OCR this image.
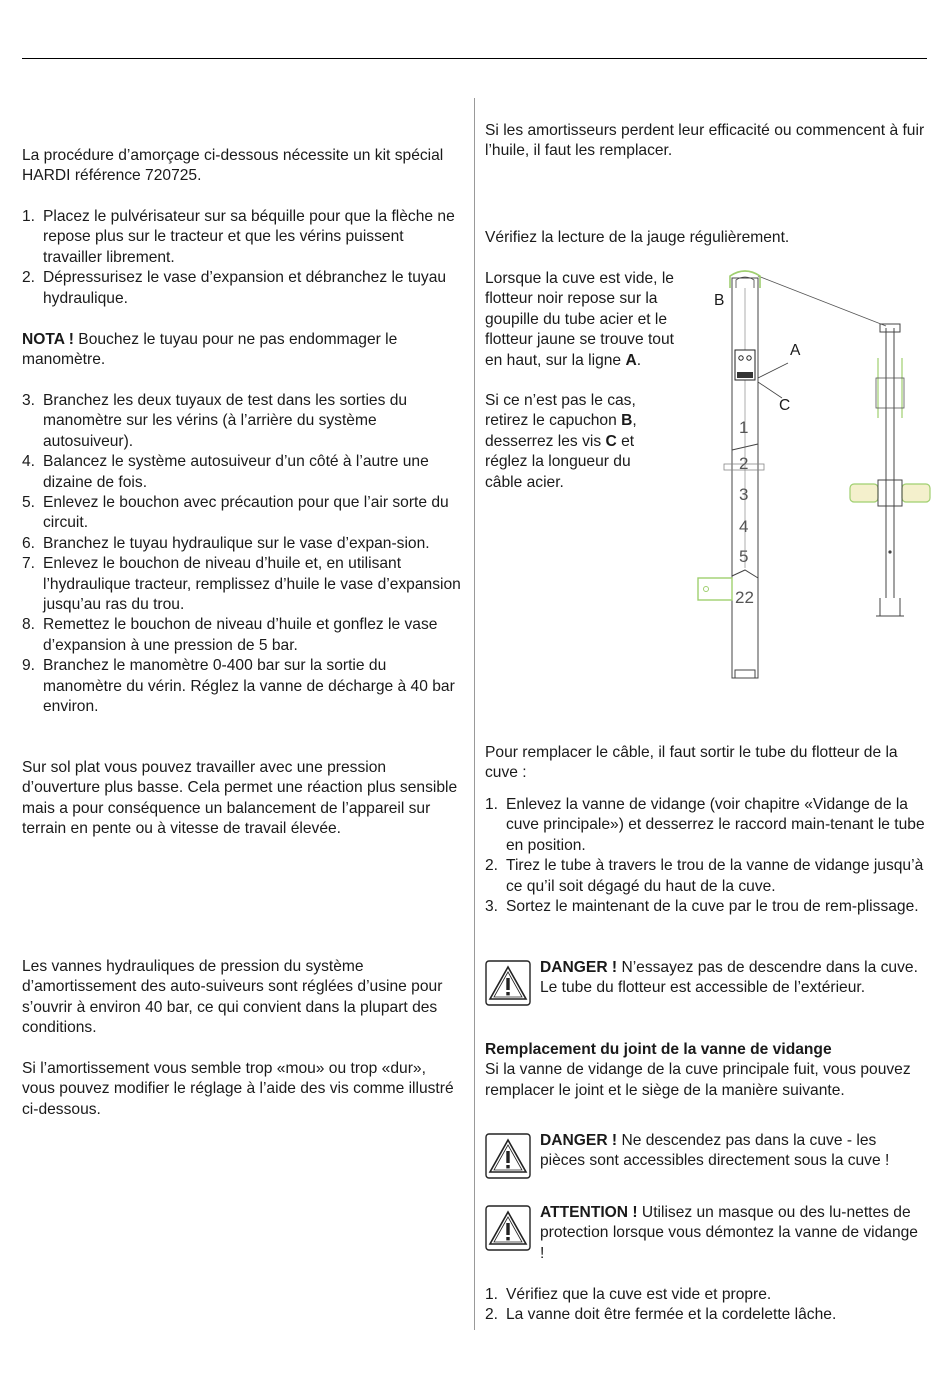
La procédure d’amorçage ci-dessous nécessite un kit spécial HARDI référence 720725.

1. Placez le pulvérisateur sur sa béquille pour que la flèche ne repose plus sur le tracteur et que les vérins puissent travailler librement.
2. Dépressurisez le vase d’expansion et débranchez le tuyau hydraulique.

NOTA ! Bouchez le tuyau pour ne pas endommager le manomètre.

3. Branchez les deux tuyaux de test dans les sorties du manomètre sur les vérins (à l’arrière du système autosuiveur).
4. Balancez le système autosuiveur d’un côté à l’autre une dizaine de fois.
5. Enlevez le bouchon avec précaution pour que l’air sorte du circuit.
6. Branchez le tuyau hydraulique sur le vase d’expan-sion.
7. Enlevez le bouchon de niveau d’huile et, en utilisant l’hydraulique tracteur, remplissez d’huile le vase d’expansion jusqu’au ras du trou.
8. Remettez le bouchon de niveau d’huile et gonflez le vase d’expansion à une pression de 5 bar.
9. Branchez le manomètre 0-400 bar sur la sortie du manomètre du vérin. Réglez la vanne de décharge à 40 bar environ.

Sur sol plat vous pouvez travailler avec une pression d’ouverture plus basse. Cela permet une réaction plus sensible mais a pour conséquence un balancement de l’appareil sur terrain en pente ou à vitesse de travail élevée.

Les vannes hydrauliques de pression du système d’amortissement des auto-suiveurs sont réglées d’usine pour s’ouvrir à environ 40 bar, ce qui convient dans la plupart des conditions.

Si l’amortissement vous semble trop «mou» ou trop «dur», vous pouvez modifier le réglage à l’aide des vis comme illustré ci-dessous.

Si les amortisseurs perdent leur efficacité ou commencent à fuir l’huile, il faut les remplacer.

Vérifiez la lecture de la jauge régulièrement.

Lorsque la cuve est vide, le flotteur noir repose sur la goupille du tube acier et le flotteur jaune se trouve tout en haut, sur la ligne A.

Si ce n’est pas le cas, retirez le capuchon B, desserrez les vis C et réglez la longueur du câble acier.

B
A
C
1
2
3
4
5
22

Pour remplacer le câble, il faut sortir le tube du flotteur de la cuve :

1. Enlevez la vanne de vidange (voir chapitre «Vidange de la cuve principale») et desserrez le raccord main-tenant le tube en position.
2. Tirez le tube à travers le trou de la vanne de vidange jusqu’à ce qu’il soit dégagé du haut de la cuve.
3. Sortez le maintenant de la cuve par le trou de rem-plissage.
DANGER ! N’essayez pas de descendre dans la cuve. Le tube du flotteur est accessible de l’extérieur.

Remplacement du joint de la vanne de vidange
Si la vanne de vidange de la cuve principale fuit, vous pouvez remplacer le joint et le siège de la manière suivante.

DANGER ! Ne descendez pas dans la cuve - les pièces sont accessibles directement sous la cuve !
ATTENTION ! Utilisez un masque ou des lu-nettes de protection lorsque vous démontez la vanne de vidange !
1. Vérifiez que la cuve est vide et propre.
2. La vanne doit être fermée et la cordelette lâche.
